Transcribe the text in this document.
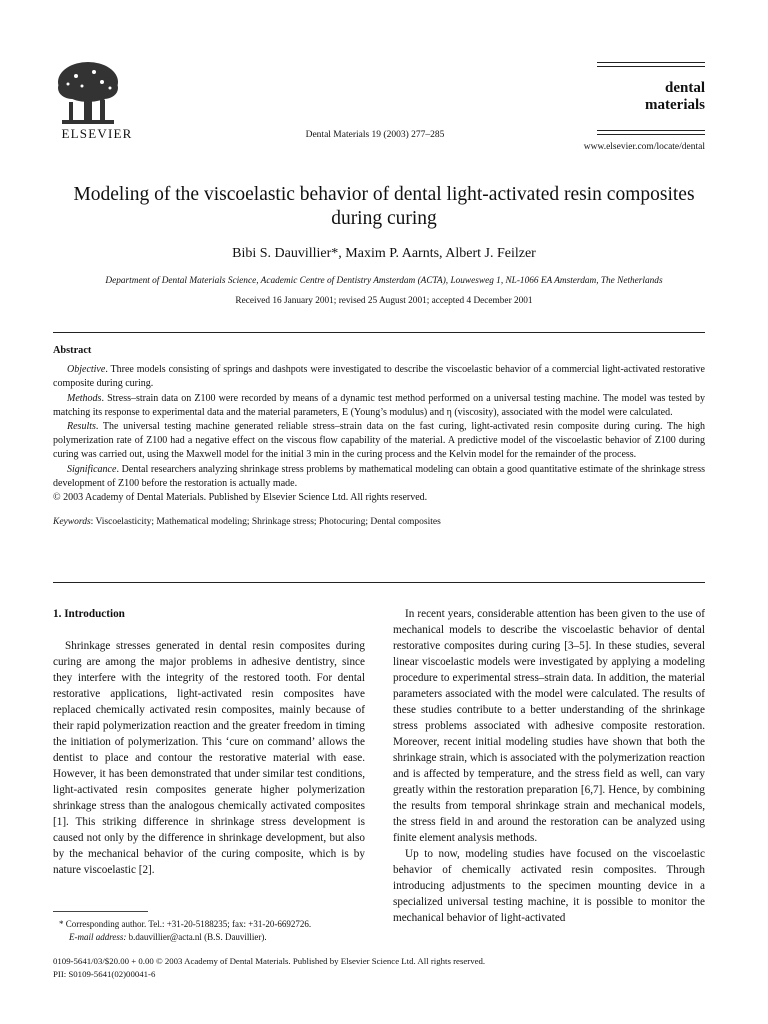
ELSEVIER	Dental Materials 19 (2003) 277–285
dental
materials
www.elsevier.com/locate/dental
Modeling of the viscoelastic behavior of dental light-activated resin composites during curing
Bibi S. Dauvillier*, Maxim P. Aarnts, Albert J. Feilzer
Department of Dental Materials Science, Academic Centre of Dentistry Amsterdam (ACTA), Louwesweg 1, NL-1066 EA Amsterdam, The Netherlands
Received 16 January 2001; revised 25 August 2001; accepted 4 December 2001
Abstract

Objective. Three models consisting of springs and dashpots were investigated to describe the viscoelastic behavior of a commercial light-activated restorative composite during curing.

Methods. Stress–strain data on Z100 were recorded by means of a dynamic test method performed on a universal testing machine. The model was tested by matching its response to experimental data and the material parameters, E (Young’s modulus) and η (viscosity), associated with the model were calculated.

Results. The universal testing machine generated reliable stress–strain data on the fast curing, light-activated resin composite during curing. The high polymerization rate of Z100 had a negative effect on the viscous flow capability of the material. A predictive model of the viscoelastic behavior of Z100 during curing was carried out, using the Maxwell model for the initial 3 min in the curing process and the Kelvin model for the remainder of the process.

Significance. Dental researchers analyzing shrinkage stress problems by mathematical modeling can obtain a good quantitative estimate of the shrinkage stress development of Z100 before the restoration is actually made.

© 2003 Academy of Dental Materials. Published by Elsevier Science Ltd. All rights reserved.

Keywords: Viscoelasticity; Mathematical modeling; Shrinkage stress; Photocuring; Dental composites

1. Introduction

Shrinkage stresses generated in dental resin composites during curing are among the major problems in adhesive dentistry, since they interfere with the integrity of the restored tooth. For dental restorative applications, light-activated resin composites have replaced chemically activated resin composites, mainly because of their rapid polymerization reaction and the greater freedom in timing the initiation of polymerization. This ‘cure on command’ allows the dentist to place and contour the restorative material with ease. However, it has been demonstrated that under similar test conditions, light-activated resin composites generate higher polymerization shrinkage stress than the analogous chemically activated composites [1]. This striking difference in shrinkage stress development is caused not only by the difference in shrinkage development, but also by the mechanical behavior of the curing composite, which is by nature viscoelastic [2].

In recent years, considerable attention has been given to the use of mechanical models to describe the viscoelastic behavior of dental restorative composites during curing [3–5]. In these studies, several linear viscoelastic models were investigated by applying a modeling procedure to experimental stress–strain data. In addition, the material parameters associated with the model were calculated. The results of these studies contribute to a better understanding of the shrinkage stress problems associated with adhesive composite restoration. Moreover, recent initial modeling studies have shown that both the shrinkage strain, which is associated with the polymerization reaction and is affected by temperature, and the stress field as well, can vary greatly within the restoration preparation [6,7]. Hence, by combining the results from temporal shrinkage strain and mechanical models, the stress field in and around the restoration can be analyzed using finite element analysis methods.

Up to now, modeling studies have focused on the viscoelastic behavior of chemically activated resin composites. Through introducing adjustments to the specimen mounting device in a specialized universal testing machine, it is possible to monitor the mechanical behavior of light-activated

* Corresponding author. Tel.: +31-20-5188235; fax: +31-20-6692726.

E-mail address: b.dauvillier@acta.nl (B.S. Dauvillier).

0109-5641/03/$20.00 + 0.00 © 2003 Academy of Dental Materials. Published by Elsevier Science Ltd. All rights reserved.

PII: S0109-5641(02)00041-6
